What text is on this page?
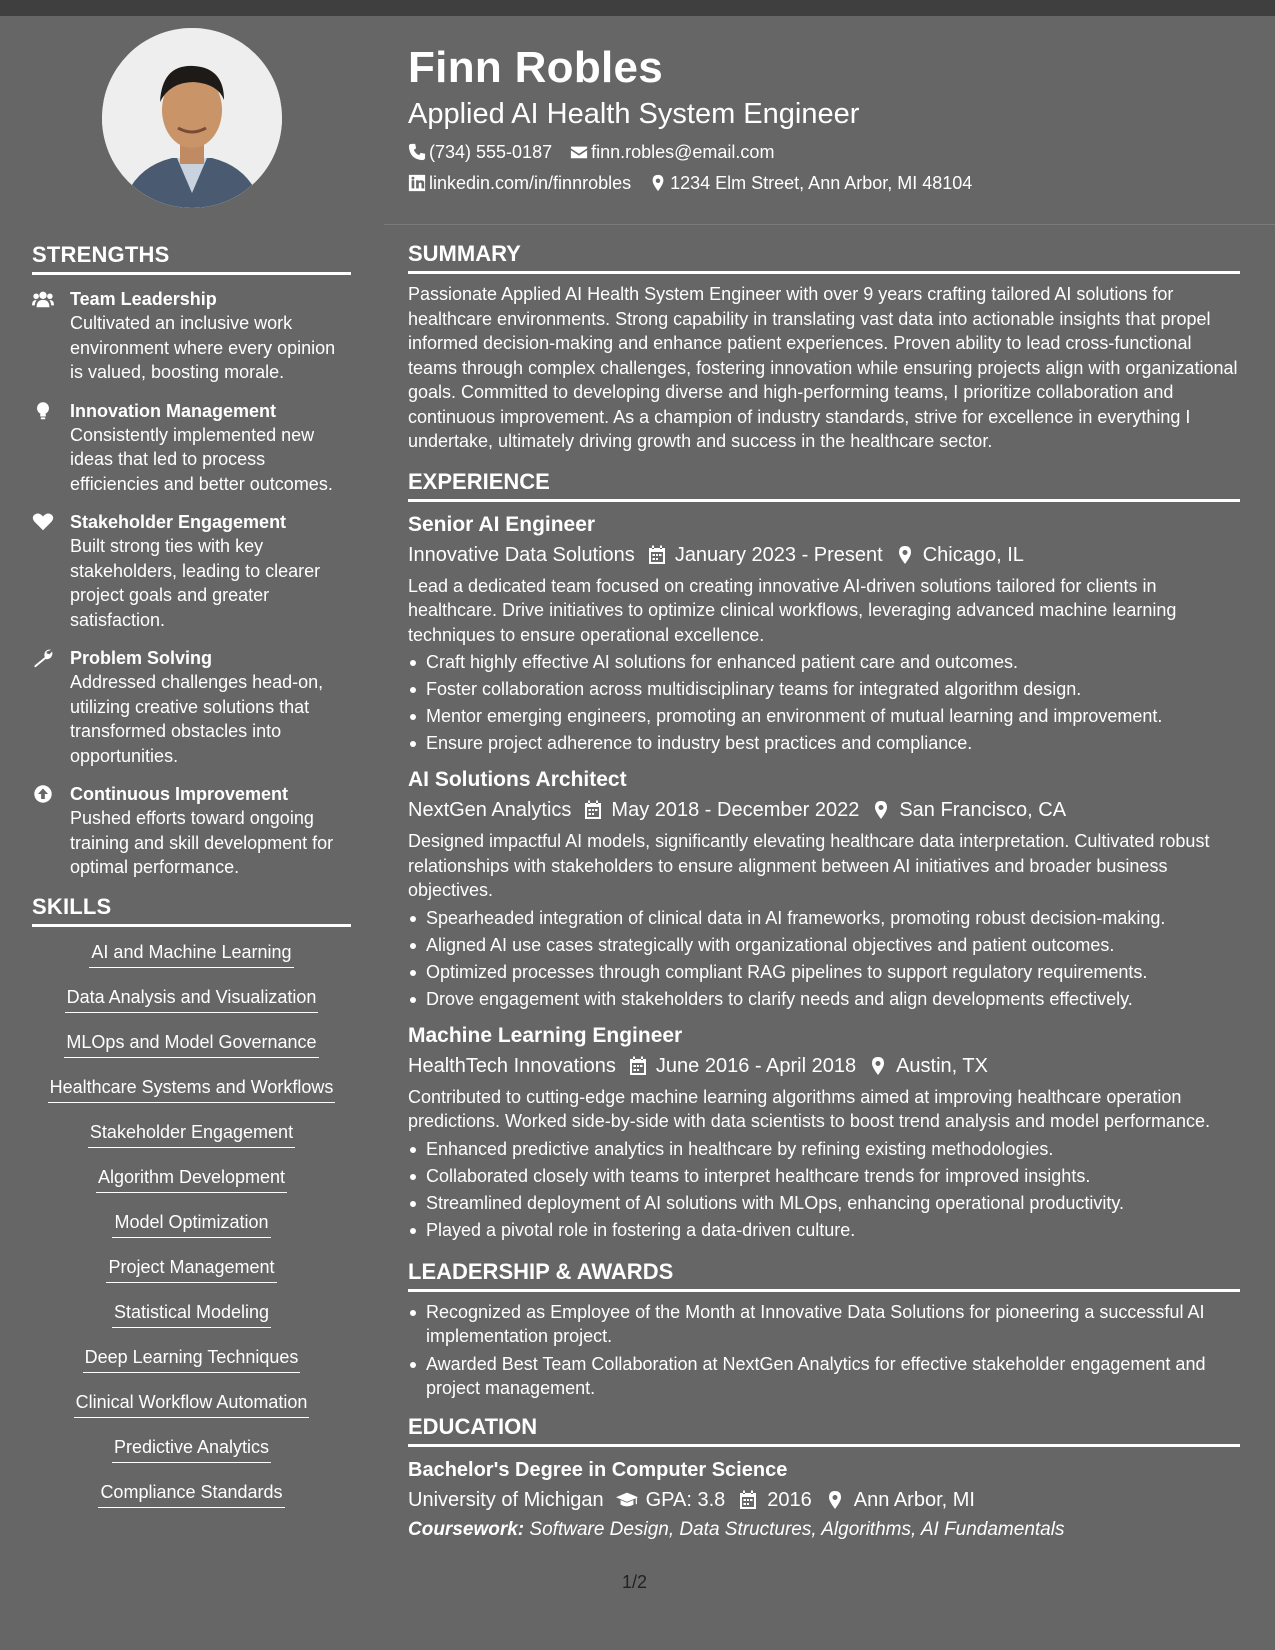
STRENGTHS
Team Leadership
Cultivated an inclusive work environment where every opinion is valued, boosting morale.
Innovation Management
Consistently implemented new ideas that led to process efficiencies and better outcomes.
Stakeholder Engagement
Built strong ties with key stakeholders, leading to clearer project goals and greater satisfaction.
Problem Solving
Addressed challenges head-on, utilizing creative solutions that transformed obstacles into opportunities.
Continuous Improvement
Pushed efforts toward ongoing training and skill development for optimal performance.
SKILLS
AI and Machine Learning
Data Analysis and Visualization
MLOps and Model Governance
Healthcare Systems and Workflows
Stakeholder Engagement
Algorithm Development
Model Optimization
Project Management
Statistical Modeling
Deep Learning Techniques
Clinical Workflow Automation
Predictive Analytics
Compliance Standards
Finn Robles
Applied AI Health System Engineer
(734) 555-0187 finn.robles@email.com
linkedin.com/in/finnrobles 1234 Elm Street, Ann Arbor, MI 48104
SUMMARY
Passionate Applied AI Health System Engineer with over 9 years crafting tailored AI solutions for healthcare environments. Strong capability in translating vast data into actionable insights that propel informed decision-making and enhance patient experiences. Proven ability to lead cross-functional teams through complex challenges, fostering innovation while ensuring projects align with organizational goals. Committed to developing diverse and high-performing teams, I prioritize collaboration and continuous improvement. As a champion of industry standards, strive for excellence in everything I undertake, ultimately driving growth and success in the healthcare sector.
EXPERIENCE
Senior AI Engineer
Innovative Data Solutions January 2023 - Present Chicago, IL
Lead a dedicated team focused on creating innovative AI-driven solutions tailored for clients in healthcare. Drive initiatives to optimize clinical workflows, leveraging advanced machine learning techniques to ensure operational excellence.
Craft highly effective AI solutions for enhanced patient care and outcomes.
Foster collaboration across multidisciplinary teams for integrated algorithm design.
Mentor emerging engineers, promoting an environment of mutual learning and improvement.
Ensure project adherence to industry best practices and compliance.
AI Solutions Architect
NextGen Analytics May 2018 - December 2022 San Francisco, CA
Designed impactful AI models, significantly elevating healthcare data interpretation. Cultivated robust relationships with stakeholders to ensure alignment between AI initiatives and broader business objectives.
Spearheaded integration of clinical data in AI frameworks, promoting robust decision-making.
Aligned AI use cases strategically with organizational objectives and patient outcomes.
Optimized processes through compliant RAG pipelines to support regulatory requirements.
Drove engagement with stakeholders to clarify needs and align developments effectively.
Machine Learning Engineer
HealthTech Innovations June 2016 - April 2018 Austin, TX
Contributed to cutting-edge machine learning algorithms aimed at improving healthcare operation predictions. Worked side-by-side with data scientists to boost trend analysis and model performance.
Enhanced predictive analytics in healthcare by refining existing methodologies.
Collaborated closely with teams to interpret healthcare trends for improved insights.
Streamlined deployment of AI solutions with MLOps, enhancing operational productivity.
Played a pivotal role in fostering a data-driven culture.
LEADERSHIP & AWARDS
Recognized as Employee of the Month at Innovative Data Solutions for pioneering a successful AI implementation project.
Awarded Best Team Collaboration at NextGen Analytics for effective stakeholder engagement and project management.
EDUCATION
Bachelor's Degree in Computer Science
University of Michigan GPA: 3.8 2016 Ann Arbor, MI
Coursework: Software Design, Data Structures, Algorithms, AI Fundamentals
1/2
